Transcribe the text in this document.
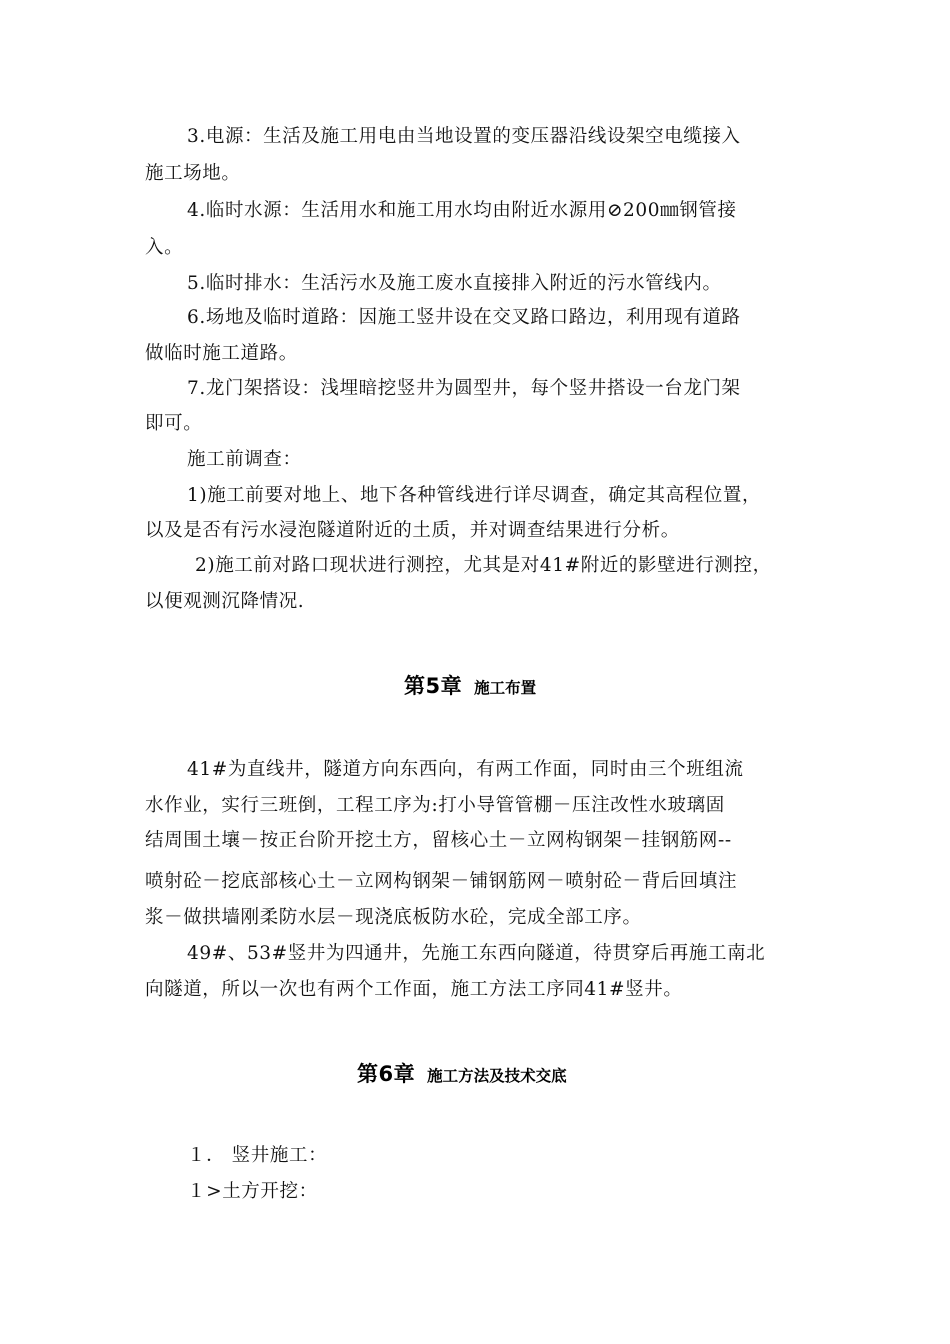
3.电源：生活及施工用电由当地设置的变压器沿线设架空电缆接入
施工场地。
4.临时水源：生活用水和施工用水均由附近水源用⊘200㎜钢管接
入。
5.临时排水：生活污水及施工废水直接排入附近的污水管线内。
6.场地及临时道路：因施工竖井设在交叉路口路边，利用现有道路
做临时施工道路。
7.龙门架搭设：浅埋暗挖竖井为圆型井，每个竖井搭设一台龙门架
即可。
施工前调查：
1)施工前要对地上、地下各种管线进行详尽调查，确定其高程位置，
以及是否有污水浸泡隧道附近的土质，并对调查结果进行分析。
2)施工前对路口现状进行测控，尤其是对41#附近的影壁进行测控，
以便观测沉降情况.
第5章 施工布置
41#为直线井，隧道方向东西向，有两工作面，同时由三个班组流
水作业，实行三班倒，工程工序为:打小导管管棚－压注改性水玻璃固
结周围土壤－按正台阶开挖土方，留核心土－立网构钢架－挂钢筋网--
喷射砼－挖底部核心土－立网构钢架－铺钢筋网－喷射砼－背后回填注
浆－做拱墙刚柔防水层－现浇底板防水砼，完成全部工序。
49#、53#竖井为四通井，先施工东西向隧道，待贯穿后再施工南北
向隧道，所以一次也有两个工作面，施工方法工序同41#竖井。
第6章 施工方法及技术交底
１． 竖井施工：
１>土方开挖：
